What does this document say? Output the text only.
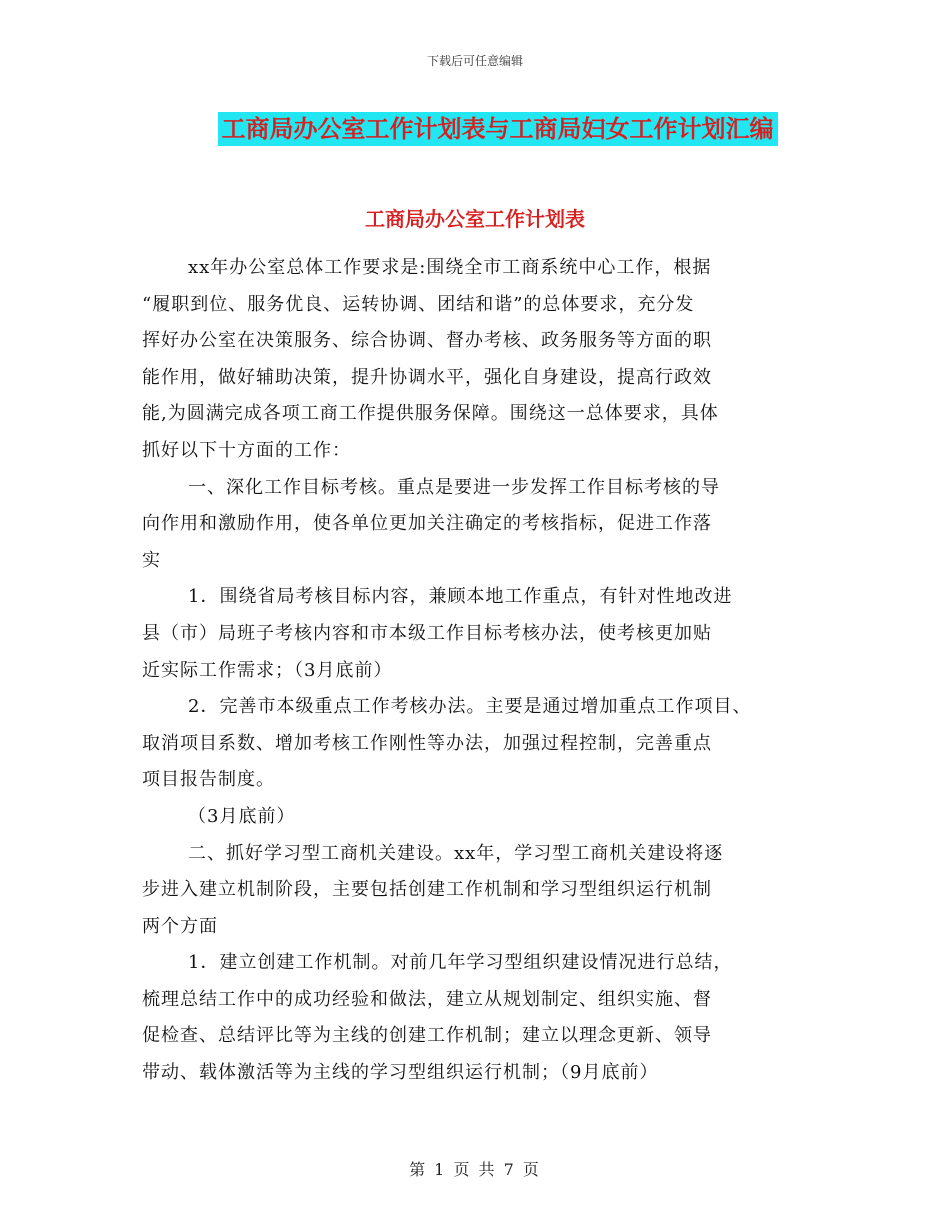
下载后可任意编辑
工商局办公室工作计划表与工商局妇女工作计划汇编
工商局办公室工作计划表
xx年办公室总体工作要求是:围绕全市工商系统中心工作，根据
“履职到位、服务优良、运转协调、团结和谐”的总体要求，充分发
挥好办公室在决策服务、综合协调、督办考核、政务服务等方面的职
能作用，做好辅助决策，提升协调水平，强化自身建设，提高行政效
能,为圆满完成各项工商工作提供服务保障。围绕这一总体要求，具体
抓好以下十方面的工作：
一、深化工作目标考核。重点是要进一步发挥工作目标考核的导
向作用和激励作用，使各单位更加关注确定的考核指标，促进工作落
实
1．围绕省局考核目标内容，兼顾本地工作重点，有针对性地改进
县（市）局班子考核内容和市本级工作目标考核办法，使考核更加贴
近实际工作需求；（3月底前）
2．完善市本级重点工作考核办法。主要是通过增加重点工作项目、
取消项目系数、增加考核工作刚性等办法，加强过程控制，完善重点
项目报告制度。
（3月底前）
二、抓好学习型工商机关建设。xx年，学习型工商机关建设将逐
步进入建立机制阶段，主要包括创建工作机制和学习型组织运行机制
两个方面
1．建立创建工作机制。对前几年学习型组织建设情况进行总结，
梳理总结工作中的成功经验和做法，建立从规划制定、组织实施、督
促检查、总结评比等为主线的创建工作机制；建立以理念更新、领导
带动、载体激活等为主线的学习型组织运行机制；（9月底前）
第 1 页 共 7 页
